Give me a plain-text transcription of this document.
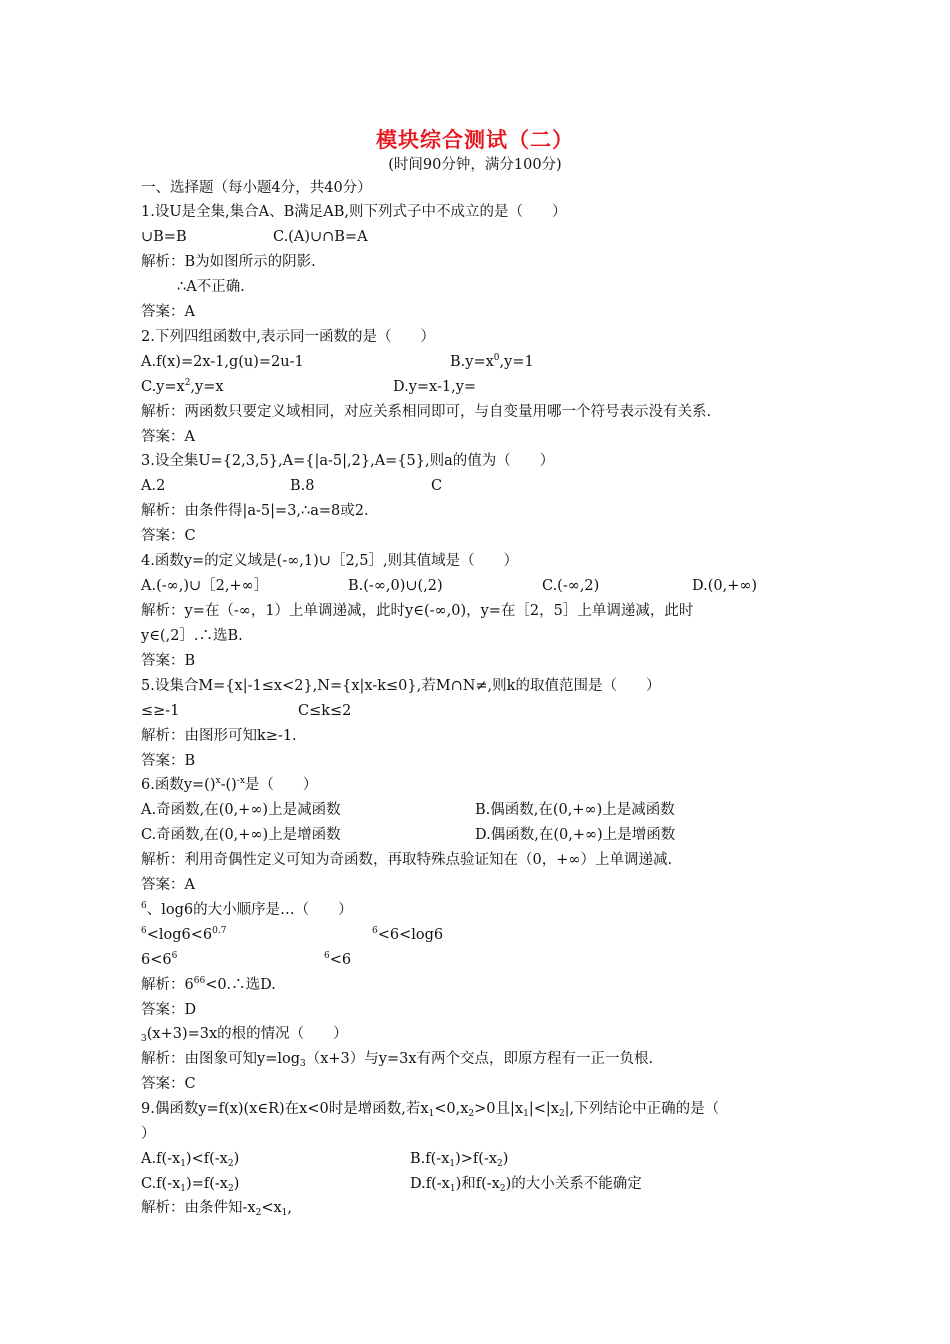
模块综合测试（二）
(时间90分钟，满分100分)
一、选择题（每小题4分，共40分）
1.设U是全集,集合A、B满足AB,则下列式子中不成立的是（　　）
∪B=B	C.(A)∪∩B=A
解析：B为如图所示的阴影.
∴A不正确.
答案：A
2.下列四组函数中,表示同一函数的是（　　）
A.f(x)=2x-1,g(u)=2u-1	$B.y=x^0,y=1$
$C.y=x^2,y=x$	D.y=x-1,y=
解析：两函数只要定义域相同，对应关系相同即可，与自变量用哪一个符号表示没有关系.
答案：A
3.设全集U={2,3,5},A={|a-5|,2},A={5},则a的值为（　　）
A.2	B.8	C
解析：由条件得|a-5|=3,∴a=8或2.
答案：C
4.函数y=的定义域是(-∞,1)∪［2,5］,则其值域是（　　）
A.(-∞,)∪［2,+∞］	B.(-∞,0)∪(,2)	C.(-∞,2)	D.(0,+∞)
解析：y=在（-∞，1）上单调递减，此时y∈(-∞,0)，y=在［2，5］上单调递减，此时
y∈(,2］.∴选B.
答案：B
5.设集合M={x|-1≤x<2},N={x|x-k≤0},若M∩N≠,则k的取值范围是（　　）
≤≥-1	C≤k≤2
解析：由图形可知k≥-1.
答案：B
6.函数y=()$^x$-()$^{-x}$是（　　）
A.奇函数,在(0,+∞)上是减函数	B.偶函数,在(0,+∞)上是减函数
C.奇函数,在(0,+∞)上是增函数	D.偶函数,在(0,+∞)上是增函数
解析：利用奇偶性定义可知为奇函数，再取特殊点验证知在（0，+∞）上单调递减.
答案：A
$^6$、log6的大小顺序是…（　　）
$^6<\log 6<6^{0.7}$	$^6$<6<log6
$6<6^6$	$^6$<6
解析：$6^{66}<0.\therefore$选D.
答案：D
$_3$(x+3)=3x的根的情况（　　）
解析：由图象可知$y=\log_3(x+3)$与y=3x有两个交点，即原方程有一正一负根.
答案：C
9.偶函数y=f(x)(x∈R)在x<0时是增函数,若$x_1<0,x_2>0$且$|x_1|<|x_2|$,下列结论中正确的是（
）
$A.f(-x_1)<f(-x_2)$	$B.f(-x_1)>f(-x_2)$
$C.f(-x_1)=f(-x_2)$	$D.f(-x_1)$和$f(-x_2)$的大小关系不能确定
解析：由条件知$-x_2<x_1$,
